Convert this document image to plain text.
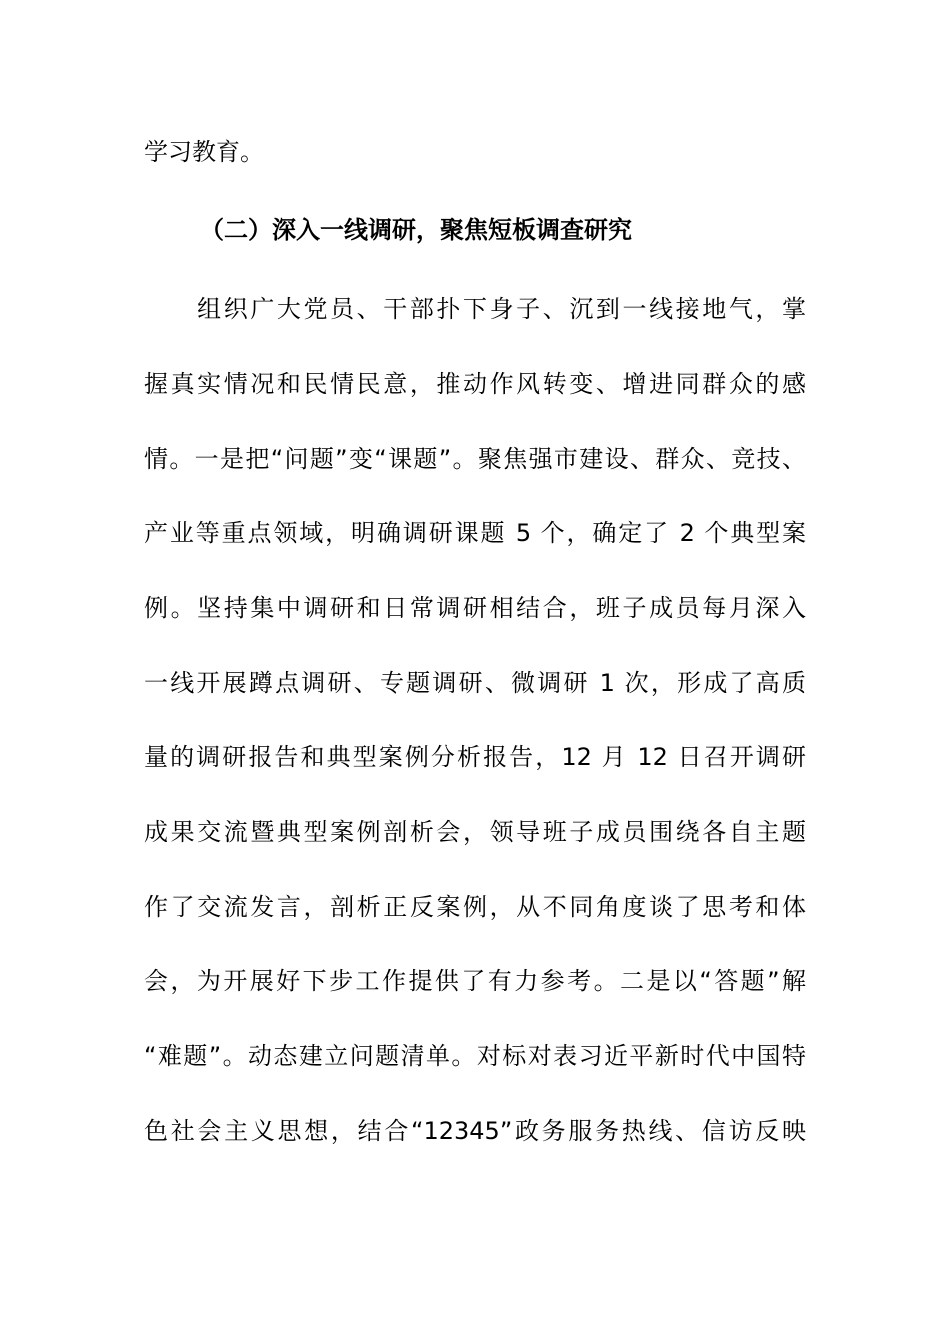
学习教育。
（二）深入一线调研，聚焦短板调查研究
　　组织广大党员、干部扑下身子、沉到一线接地气，掌
握真实情况和民情民意，推动作风转变、增进同群众的感
情。一是把“问题”变“课题”。聚焦强市建设、群众、竞技、
产业等重点领域，明确调研课题 5 个，确定了 2 个典型案
例。坚持集中调研和日常调研相结合，班子成员每月深入
一线开展蹲点调研、专题调研、微调研 1 次，形成了高质
量的调研报告和典型案例分析报告，12 月 12 日召开调研
成果交流暨典型案例剖析会，领导班子成员围绕各自主题
作了交流发言，剖析正反案例，从不同角度谈了思考和体
会，为开展好下步工作提供了有力参考。二是以“答题”解
“难题”。动态建立问题清单。对标对表习近平新时代中国特
色社会主义思想，结合“12345”政务服务热线、信访反映
